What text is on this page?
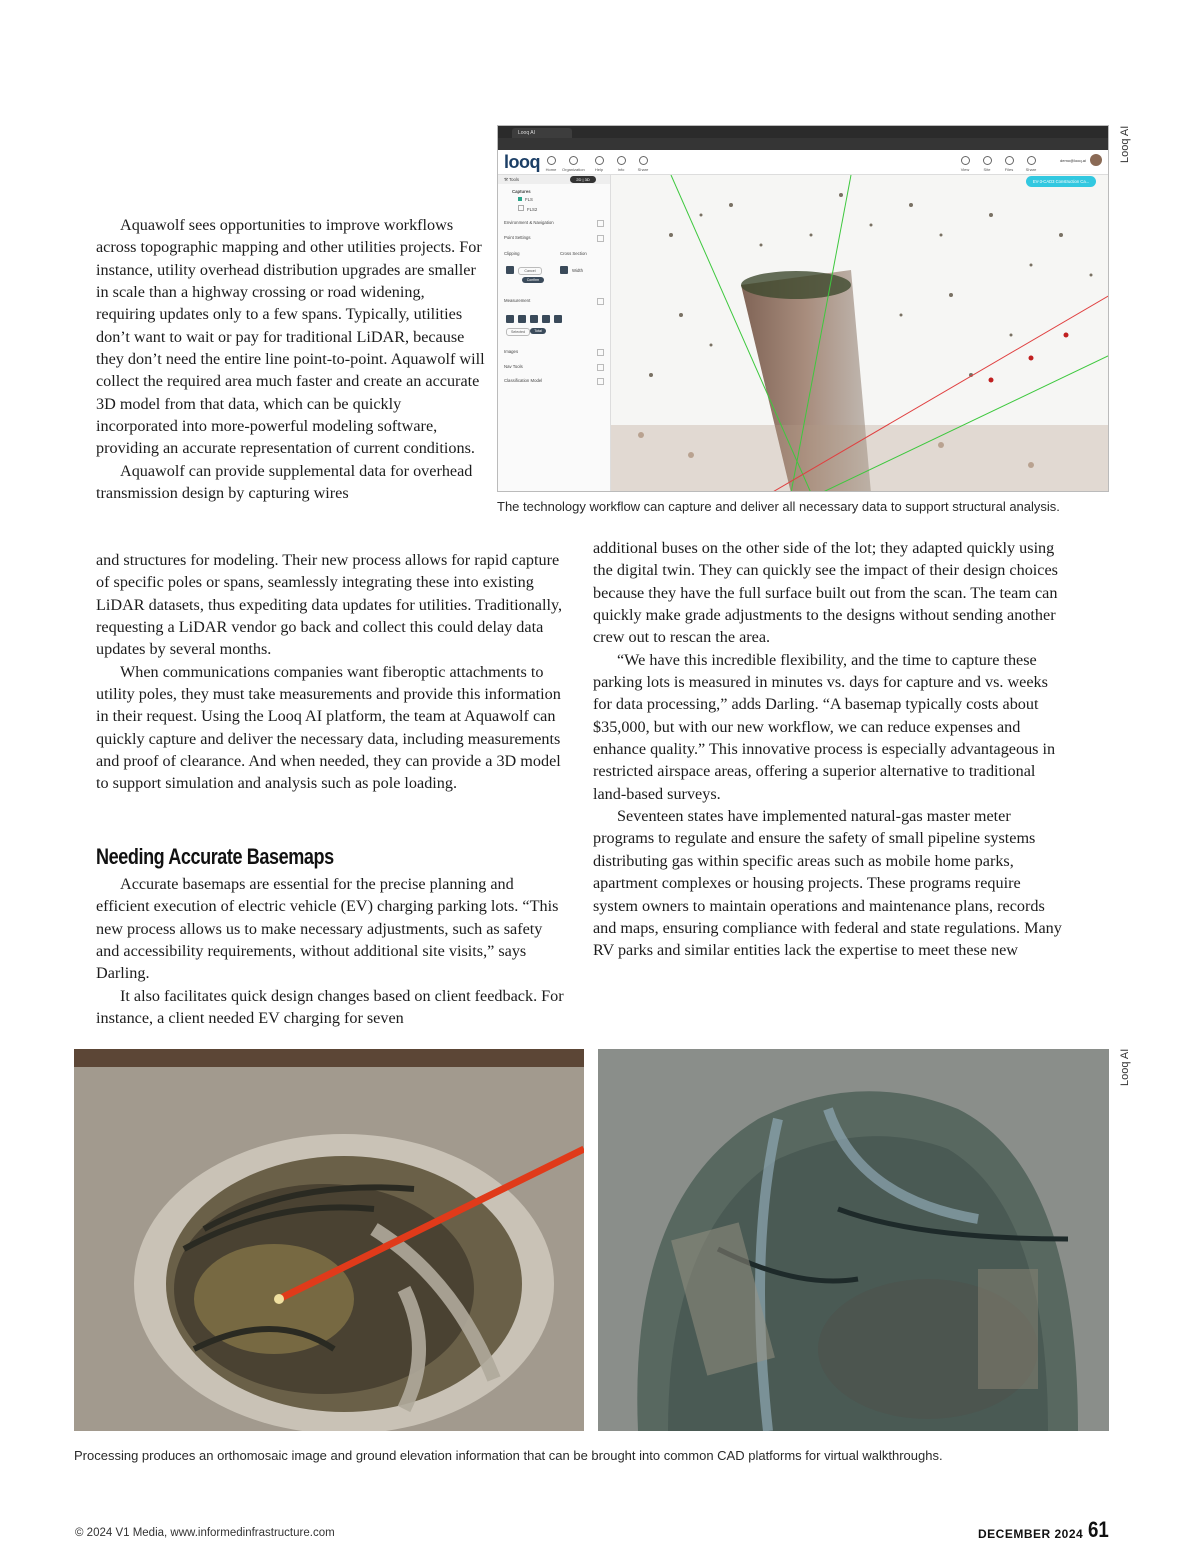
Looq AI
looq	Home	Organization	Help	Info	Share	View	Site	Files	Share
demo@looq.ai
⚒ Tools	2D | 3D
Captures
FLS
FLS2
Environment & Navigation
Point Settings
Clipping	Cross Section
Cancel
Confirm
Width
Measurement
Selected	Total
Images
Nav Tools
Classification Model
EV-3-CAD3 Construction Ca...
Looq AI
The technology workflow can capture and deliver all necessary data to support structural analysis.

Aquawolf sees opportunities to improve workflows across topographic mapping and other utilities projects. For instance, utility overhead distribution upgrades are smaller in scale than a highway crossing or road widening, requiring updates only to a few spans. Typically, utilities don’t want to wait or pay for traditional LiDAR, because they don’t need the entire line point-to-point. Aquawolf will collect the required area much faster and create an accurate 3D model from that data, which can be quickly incorporated into more-powerful modeling software, providing an accurate representation of current conditions.

Aquawolf can provide supplemental data for overhead transmission design by capturing wires

and structures for modeling. Their new process allows for rapid capture of specific poles or spans, seamlessly integrating these into existing LiDAR datasets, thus expediting data updates for utilities. Traditionally, requesting a LiDAR vendor go back and collect this could delay data updates by several months.

When communications companies want fiberoptic attachments to utility poles, they must take measurements and provide this information in their request. Using the Looq AI platform, the team at Aquawolf can quickly capture and deliver the necessary data, including measurements and proof of clearance. And when needed, they can provide a 3D model to support simulation and analysis such as pole loading.

Needing Accurate Basemaps

Accurate basemaps are essential for the precise planning and efficient execution of electric vehicle (EV) charging parking lots. “This new process allows us to make necessary adjustments, such as safety and accessibility requirements, without additional site visits,” says Darling.

It also facilitates quick design changes based on client feedback. For instance, a client needed EV charging for seven

additional buses on the other side of the lot; they adapted quickly using the digital twin. They can quickly see the impact of their design choices because they have the full surface built out from the scan. The team can quickly make grade adjustments to the designs without sending another crew out to rescan the area.

“We have this incredible flexibility, and the time to capture these parking lots is measured in minutes vs. days for capture and vs. weeks for data processing,” adds Darling. “A basemap typically costs about $35,000, but with our new workflow, we can reduce expenses and enhance quality.” This innovative process is especially advantageous in restricted airspace areas, offering a superior alternative to traditional land-based surveys.

Seventeen states have implemented natural-gas master meter programs to regulate and ensure the safety of small pipeline systems distributing gas within specific areas such as mobile home parks, apartment complexes or housing projects. These programs require system owners to maintain operations and maintenance plans, records and maps, ensuring compliance with federal and state regulations. Many RV parks and similar entities lack the expertise to meet these new

Looq AI
Processing produces an orthomosaic image and ground elevation information that can be brought into common CAD platforms for virtual walkthroughs.
© 2024 V1 Media, www.informedinfrastructure.com	DECEMBER 2024 61
